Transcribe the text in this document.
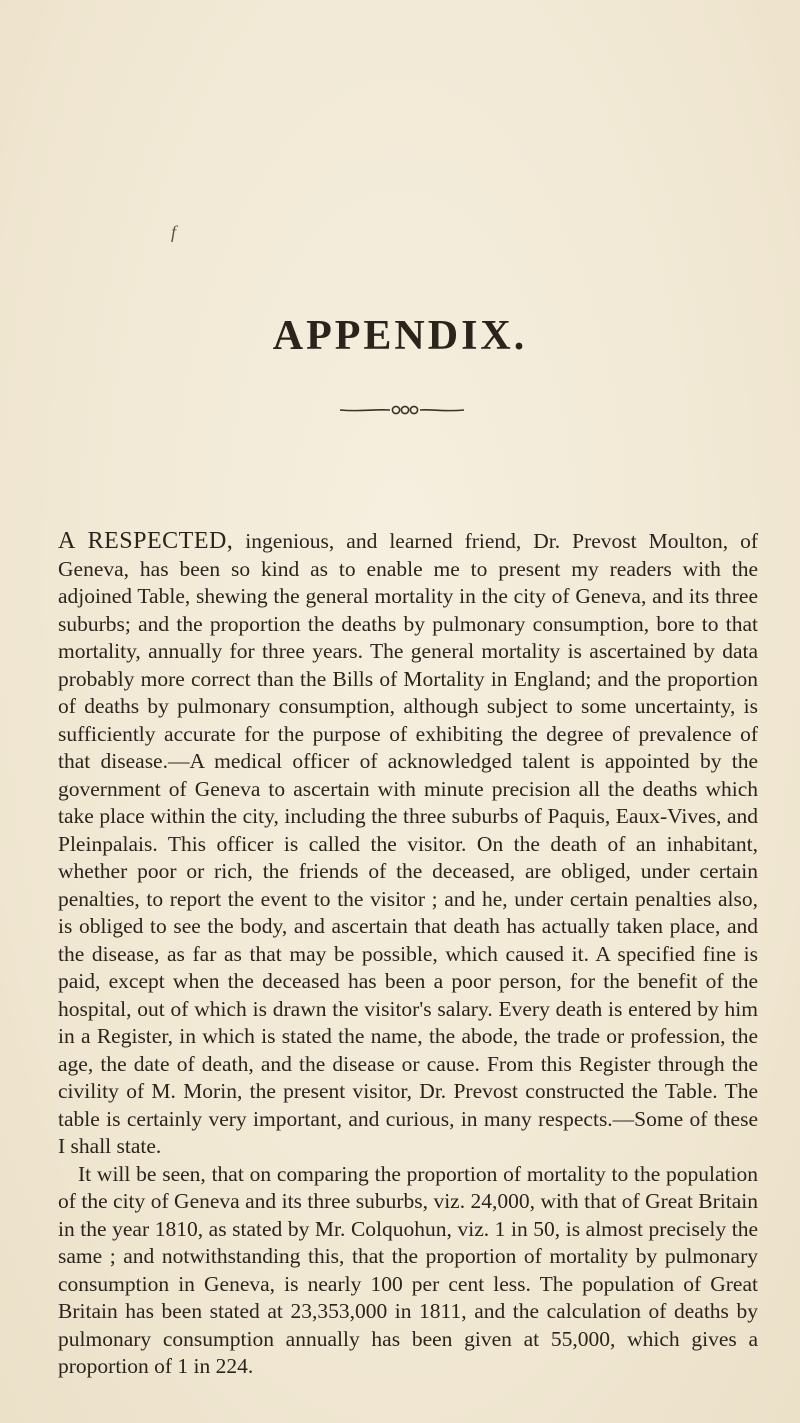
f
APPENDIX.

A RESPECTED, ingenious, and learned friend, Dr. Prevost Moulton, of Geneva, has been so kind as to enable me to present my readers with the adjoined Table, shewing the general mortality in the city of Geneva, and its three suburbs; and the proportion the deaths by pulmonary consumption, bore to that mortality, annually for three years. The general mortality is ascertained by data probably more correct than the Bills of Mortality in England; and the proportion of deaths by pulmonary consumption, although subject to some uncertainty, is sufficiently accurate for the purpose of exhibiting the degree of prevalence of that disease.—A medical officer of acknowledged talent is appointed by the government of Geneva to ascertain with minute precision all the deaths which take place within the city, including the three suburbs of Paquis, Eaux-Vives, and Pleinpalais. This officer is called the visitor. On the death of an inhabitant, whether poor or rich, the friends of the deceased, are obliged, under certain penalties, to report the event to the visitor ; and he, under certain penalties also, is obliged to see the body, and ascertain that death has actually taken place, and the disease, as far as that may be possible, which caused it. A specified fine is paid, except when the deceased has been a poor person, for the benefit of the hospital, out of which is drawn the visitor's salary. Every death is entered by him in a Register, in which is stated the name, the abode, the trade or profession, the age, the date of death, and the disease or cause. From this Register through the civility of M. Morin, the present visitor, Dr. Prevost constructed the Table. The table is certainly very important, and curious, in many respects.—Some of these I shall state.

It will be seen, that on comparing the proportion of mortality to the population of the city of Geneva and its three suburbs, viz. 24,000, with that of Great Britain in the year 1810, as stated by Mr. Colquohun, viz. 1 in 50, is almost precisely the same ; and notwithstanding this, that the proportion of mortality by pulmonary consumption in Geneva, is nearly 100 per cent less. The population of Great Britain has been stated at 23,353,000 in 1811, and the calculation of deaths by pulmonary consumption annually has been given at 55,000, which gives a proportion of 1 in 224.
